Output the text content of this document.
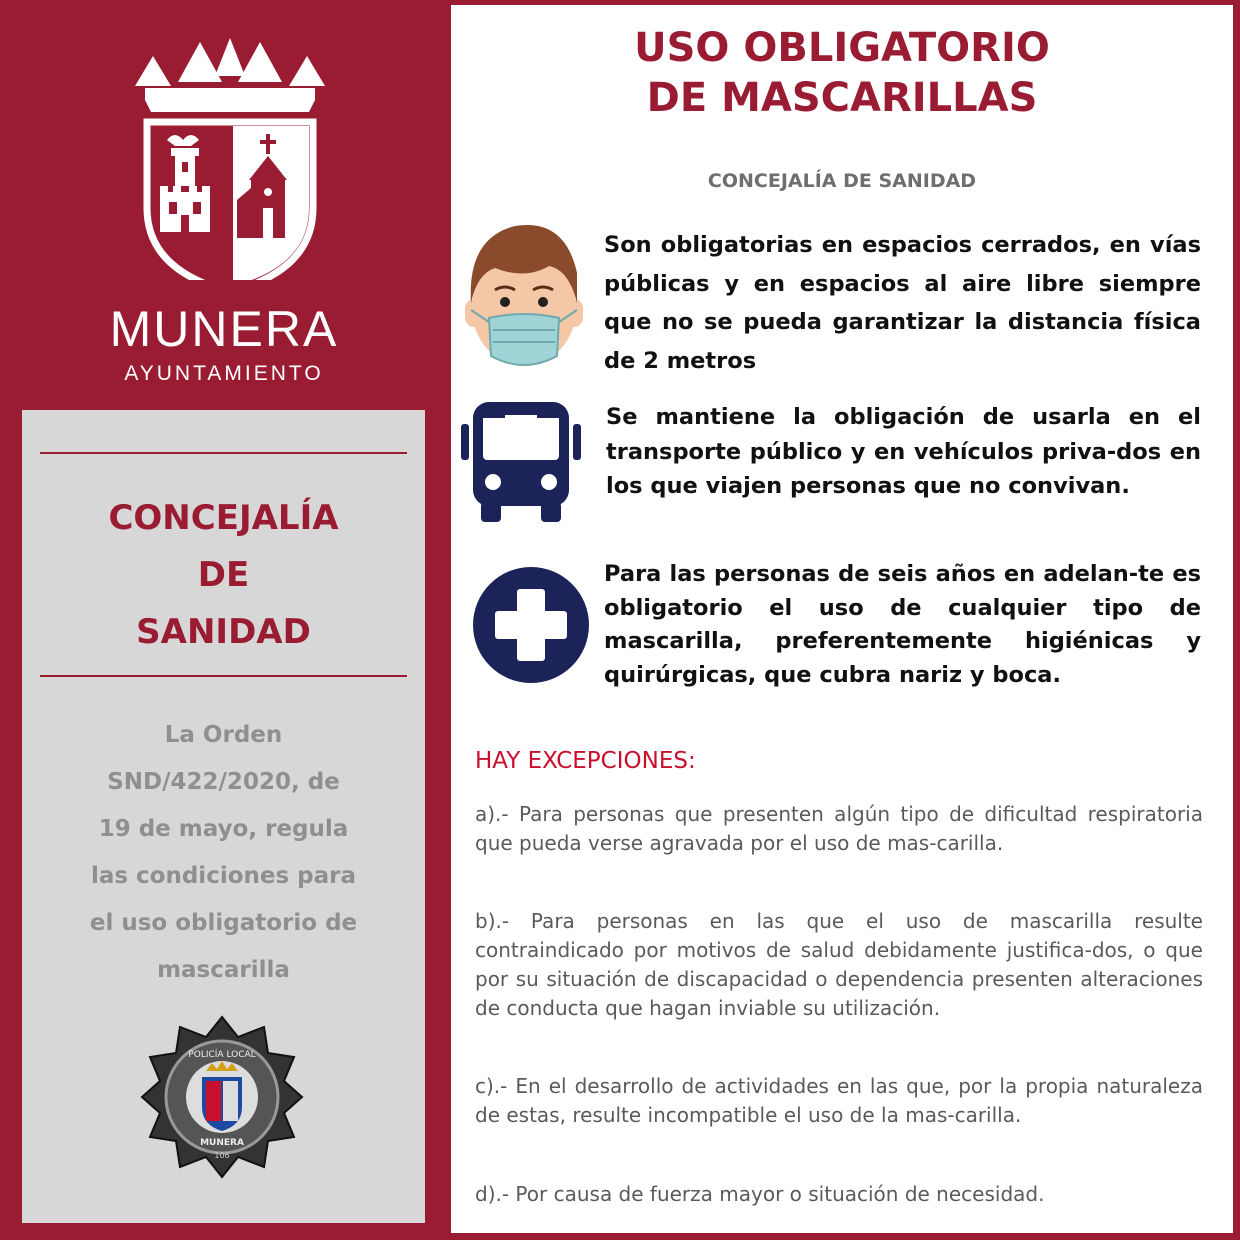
MUNERA
AYUNTAMIENTO
CONCEJALÍA
DE
SANIDAD
La Orden
SND/422/2020, de
19 de mayo, regula
las condiciones para
el uso obligatorio de
mascarilla
POLICÍA LOCAL
MUNERA
106
USO OBLIGATORIO
DE MASCARILLAS
CONCEJALÍA DE SANIDAD
Son obligatorias en espacios cerrados, en vías públicas y en espacios al aire libre siempre que no se pueda garantizar la distancia física de 2 metros
Se mantiene la obligación de usarla en el transporte público y en vehículos priva-dos en los que viajen personas que no convivan.
Para las personas de seis años en adelan-te es obligatorio el uso de cualquier tipo de mascarilla, preferentemente higiénicas y quirúrgicas, que cubra nariz y boca.
HAY EXCEPCIONES:
a).- Para personas que presenten algún tipo de dificultad respiratoria que pueda verse agravada por el uso de mas-carilla.
b).- Para personas en las que el uso de mascarilla resulte contraindicado por motivos de salud debidamente justifica-dos, o que por su situación de discapacidad o dependencia presenten alteraciones de conducta que hagan inviable su utilización.
c).- En el desarrollo de actividades en las que, por la propia naturaleza de estas, resulte incompatible el uso de la mas-carilla.
d).- Por causa de fuerza mayor o situación de necesidad.
